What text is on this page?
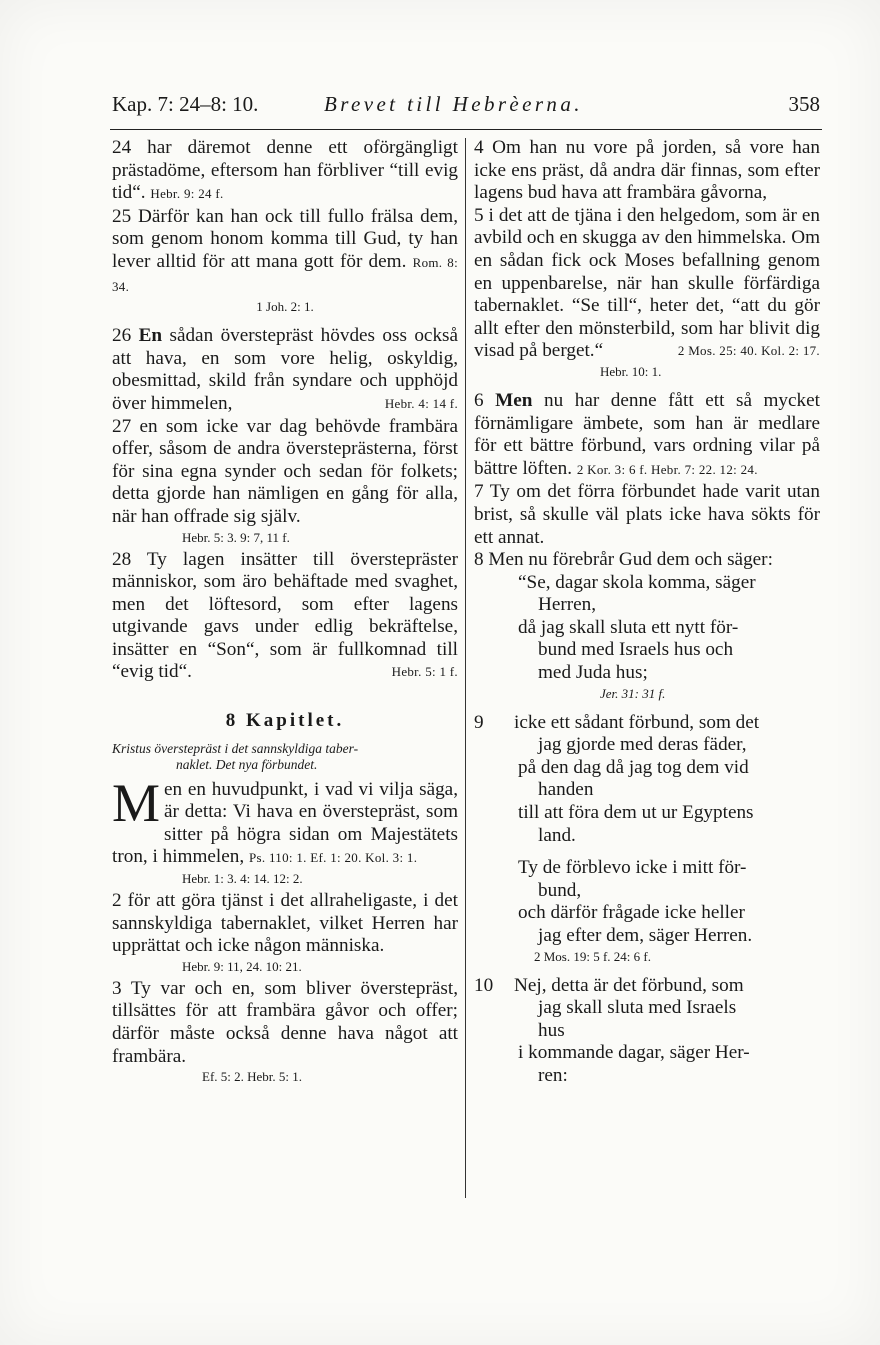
Kap. 7: 24–8: 10.	Brevet till Hebrèerna.	358

24 har däremot denne ett oförgängligt prästadöme, eftersom han förbliver “till evig tid“. Hebr. 9: 24 f.

25 Därför kan han ock till fullo frälsa dem, som genom honom komma till Gud, ty han lever alltid för att mana gott för dem. Rom. 8: 34.

1 Joh. 2: 1.

26 En sådan överstepräst hövdes oss också att hava, en som vore helig, oskyldig, obesmittad, skild från syndare och upphöjd över himmelen,	Hebr. 4: 14 f.

27 en som icke var dag behövde frambära offer, såsom de andra översteprästerna, först för sina egna synder och sedan för folkets; detta gjorde han nämligen en gång för alla, när han offrade sig själv.

Hebr. 5: 3. 9: 7, 11 f.

28 Ty lagen insätter till överstepräster människor, som äro behäftade med svaghet, men det löftesord, som efter lagens utgivande gavs under edlig bekräftelse, insätter en “Son“, som är fullkomnad till “evig tid“.	Hebr. 5: 1 f.

8 Kapitlet.
Kristus överstepräst i det sannskyldiga taber-
naklet. Det nya förbundet.

Men en huvudpunkt, i vad vi vilja säga, är detta: Vi hava en överstepräst, som sitter på högra sidan om Majestätets tron, i himmelen, Ps. 110: 1. Ef. 1: 20. Kol. 3: 1.

Hebr. 1: 3. 4: 14. 12: 2.

2 för att göra tjänst i det allraheligaste, i det sannskyldiga tabernaklet, vilket Herren har upprättat och icke någon människa.

Hebr. 9: 11, 24. 10: 21.

3 Ty var och en, som bliver överstepräst, tillsättes för att frambära gåvor och offer; därför måste också denne hava något att frambära.

Ef. 5: 2. Hebr. 5: 1.

4 Om han nu vore på jorden, så vore han icke ens präst, då andra där finnas, som efter lagens bud hava att frambära gåvorna,

5 i det att de tjäna i den helgedom, som är en avbild och en skugga av den himmelska. Om en sådan fick ock Moses befallning genom en uppenbarelse, när han skulle förfärdiga tabernaklet. “Se till“, heter det, “att du gör allt efter den mönsterbild, som har blivit dig visad på berget.“	2 Mos. 25: 40. Kol. 2: 17.

Hebr. 10: 1.

6 Men nu har denne fått ett så mycket förnämligare ämbete, som han är medlare för ett bättre förbund, vars ordning vilar på bättre löften. 2 Kor. 3: 6 f. Hebr. 7: 22. 12: 24.

7 Ty om det förra förbundet hade varit utan brist, så skulle väl plats icke hava sökts för ett annat.

8 Men nu förebrår Gud dem och säger:

“Se, dagar skola komma, säger
Herren,
då jag skall sluta ett nytt för-
bund med Israels hus och
med Juda hus;
Jer. 31: 31 f.
9 icke ett sådant förbund, som det
jag gjorde med deras fäder,
på den dag då jag tog dem vid
handen
till att föra dem ut ur Egyptens
land.
Ty de förblevo icke i mitt för-
bund,
och därför frågade icke heller
jag efter dem, säger Herren.
2 Mos. 19: 5 f. 24: 6 f.
10 Nej, detta är det förbund, som
jag skall sluta med Israels
hus
i kommande dagar, säger Her-
ren:
